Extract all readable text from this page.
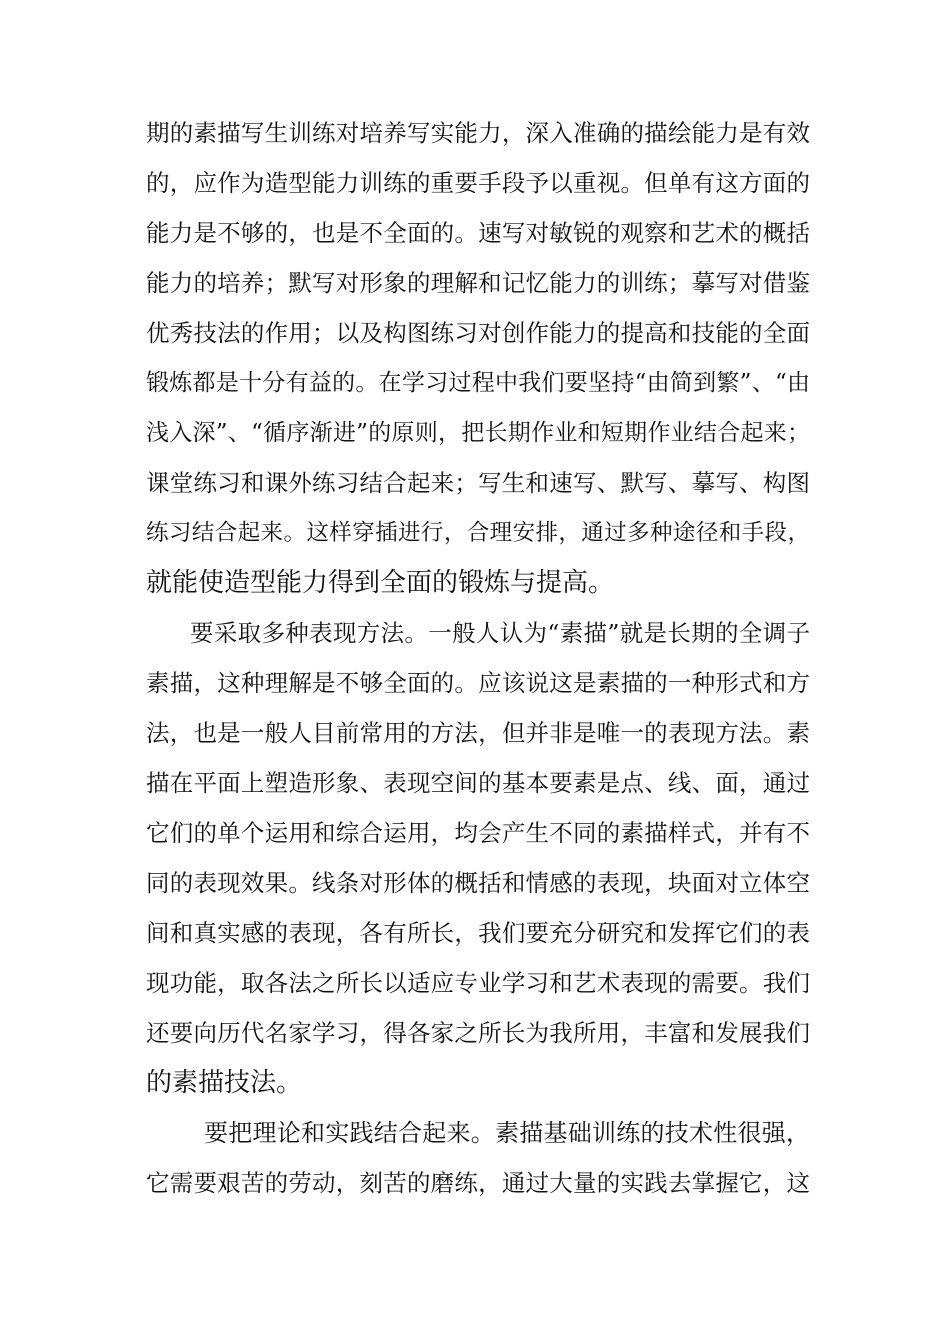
期的素描写生训练对培养写实能力，深入准确的描绘能力是有效
的，应作为造型能力训练的重要手段予以重视。但单有这方面的
能力是不够的，也是不全面的。速写对敏锐的观察和艺术的概括
能力的培养；默写对形象的理解和记忆能力的训练；摹写对借鉴
优秀技法的作用；以及构图练习对创作能力的提高和技能的全面
锻炼都是十分有益的。在学习过程中我们要坚持“由简到繁”、“由
浅入深”、“循序渐进”的原则，把长期作业和短期作业结合起来；
课堂练习和课外练习结合起来；写生和速写、默写、摹写、构图
练习结合起来。这样穿插进行，合理安排，通过多种途径和手段，
就能使造型能力得到全面的锻炼与提高。
要采取多种表现方法。一般人认为“素描”就是长期的全调子
素描，这种理解是不够全面的。应该说这是素描的一种形式和方
法，也是一般人目前常用的方法，但并非是唯一的表现方法。素
描在平面上塑造形象、表现空间的基本要素是点、线、面，通过
它们的单个运用和综合运用，均会产生不同的素描样式，并有不
同的表现效果。线条对形体的概括和情感的表现，块面对立体空
间和真实感的表现，各有所长，我们要充分研究和发挥它们的表
现功能，取各法之所长以适应专业学习和艺术表现的需要。我们
还要向历代名家学习，得各家之所长为我所用，丰富和发展我们
的素描技法。
要把理论和实践结合起来。素描基础训练的技术性很强，
它需要艰苦的劳动，刻苦的磨练，通过大量的实践去掌握它，这
